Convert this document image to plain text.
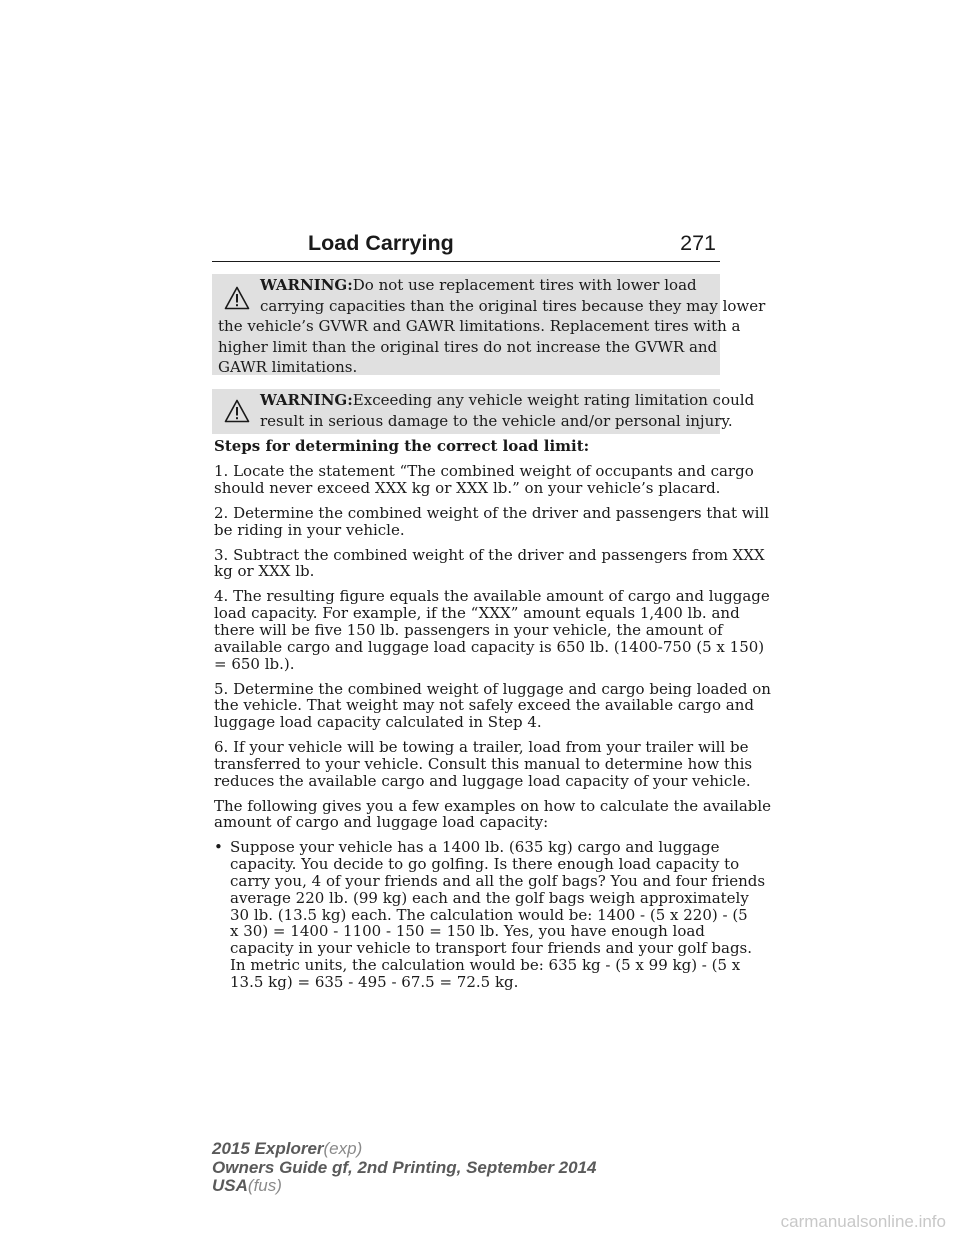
Load Carrying	271
WARNING:Do not use replacement tires with lower load
carrying capacities than the original tires because they may lower
the vehicle’s GVWR and GAWR limitations. Replacement tires with a
higher limit than the original tires do not increase the GVWR and
GAWR limitations.
WARNING:Exceeding any vehicle weight rating limitation could
result in serious damage to the vehicle and/or personal injury.

Steps for determining the correct load limit:

1. Locate the statement “The combined weight of occupants and cargo
should never exceed XXX kg or XXX lb.” on your vehicle’s placard.

2. Determine the combined weight of the driver and passengers that will
be riding in your vehicle.

3. Subtract the combined weight of the driver and passengers from XXX
kg or XXX lb.

4. The resulting figure equals the available amount of cargo and luggage
load capacity. For example, if the “XXX” amount equals 1,400 lb. and
there will be five 150 lb. passengers in your vehicle, the amount of
available cargo and luggage load capacity is 650 lb. (1400-750 (5 x 150)
= 650 lb.).

5. Determine the combined weight of luggage and cargo being loaded on
the vehicle. That weight may not safely exceed the available cargo and
luggage load capacity calculated in Step 4.

6. If your vehicle will be towing a trailer, load from your trailer will be
transferred to your vehicle. Consult this manual to determine how this
reduces the available cargo and luggage load capacity of your vehicle.

The following gives you a few examples on how to calculate the available
amount of cargo and luggage load capacity:

• Suppose your vehicle has a 1400 lb. (635 kg) cargo and luggage
capacity. You decide to go golfing. Is there enough load capacity to
carry you, 4 of your friends and all the golf bags? You and four friends
average 220 lb. (99 kg) each and the golf bags weigh approximately
30 lb. (13.5 kg) each. The calculation would be: 1400 - (5 x 220) - (5
x 30) = 1400 - 1100 - 150 = 150 lb. Yes, you have enough load
capacity in your vehicle to transport four friends and your golf bags.
In metric units, the calculation would be: 635 kg - (5 x 99 kg) - (5 x
13.5 kg) = 635 - 495 - 67.5 = 72.5 kg.
2015 Explorer(exp)
Owners Guide gf, 2nd Printing, September 2014
USA(fus)
carmanualsonline.info
